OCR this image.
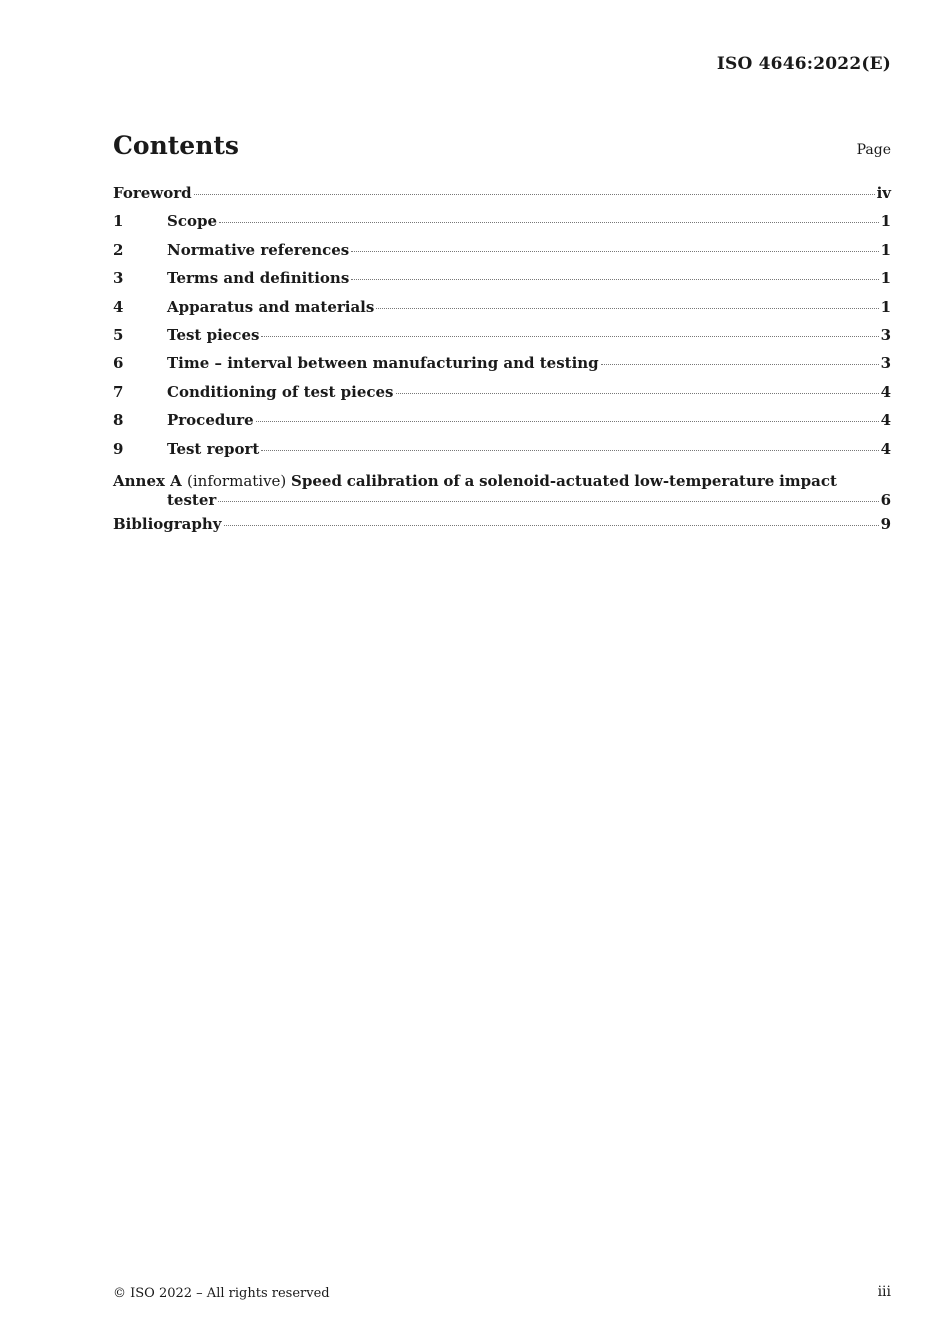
ISO 4646:2022(E)
Contents	Page
Foreword	iv
1	Scope	1
2	Normative references	1
3	Terms and definitions	1
4	Apparatus and materials	1
5	Test pieces	3
6	Time – interval between manufacturing and testing	3
7	Conditioning of test pieces	4
8	Procedure	4
9	Test report	4
Annex A (informative) Speed calibration of a solenoid-actuated low-temperature impact
tester	6
Bibliography	9
© ISO 2022 – All rights reserved	iii
